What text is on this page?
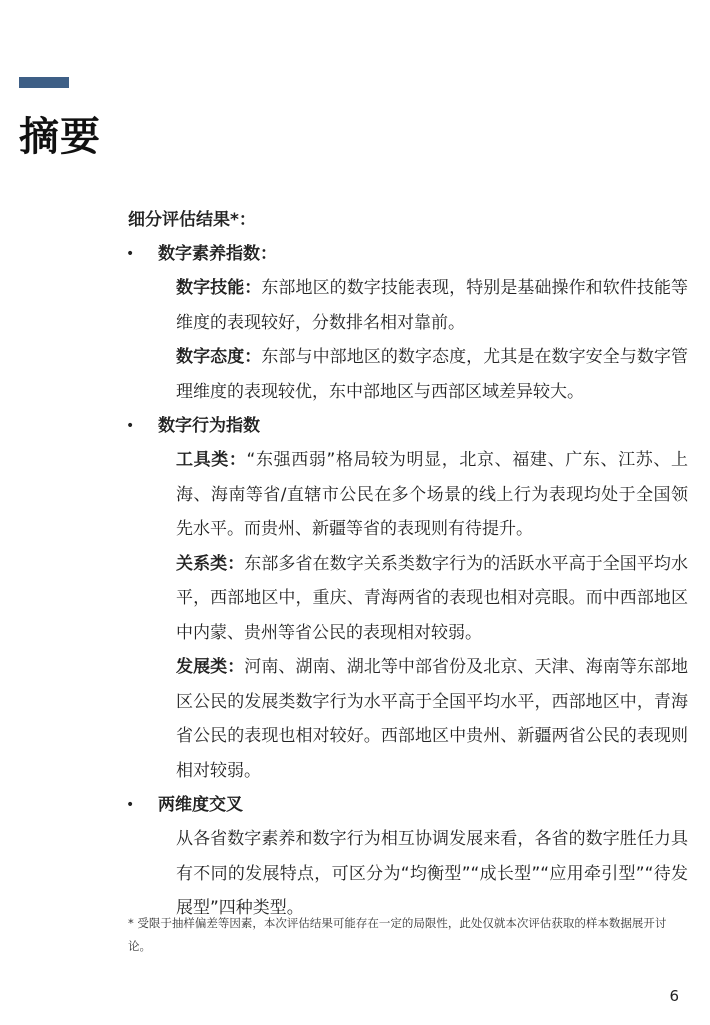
摘要
细分评估结果*：
• 数字素养指数：

数字技能：东部地区的数字技能表现，特别是基础操作和软件技能等维度的表现较好，分数排名相对靠前。

数字态度：东部与中部地区的数字态度，尤其是在数字安全与数字管理维度的表现较优，东中部地区与西部区域差异较大。

• 数字行为指数

工具类：“东强西弱”格局较为明显，北京、福建、广东、江苏、上海、海南等省/直辖市公民在多个场景的线上行为表现均处于全国领先水平。而贵州、新疆等省的表现则有待提升。

关系类：东部多省在数字关系类数字行为的活跃水平高于全国平均水平，西部地区中，重庆、青海两省的表现也相对亮眼。而中西部地区中内蒙、贵州等省公民的表现相对较弱。

发展类：河南、湖南、湖北等中部省份及北京、天津、海南等东部地区公民的发展类数字行为水平高于全国平均水平，西部地区中，青海省公民的表现也相对较好。西部地区中贵州、新疆两省公民的表现则相对较弱。

• 两维度交叉

从各省数字素养和数字行为相互协调发展来看，各省的数字胜任力具有不同的发展特点，可区分为“均衡型”“成长型”“应用牵引型”“待发展型”四种类型。

* 受限于抽样偏差等因素，本次评估结果可能存在一定的局限性，此处仅就本次评估获取的样本数据展开讨论。
6
